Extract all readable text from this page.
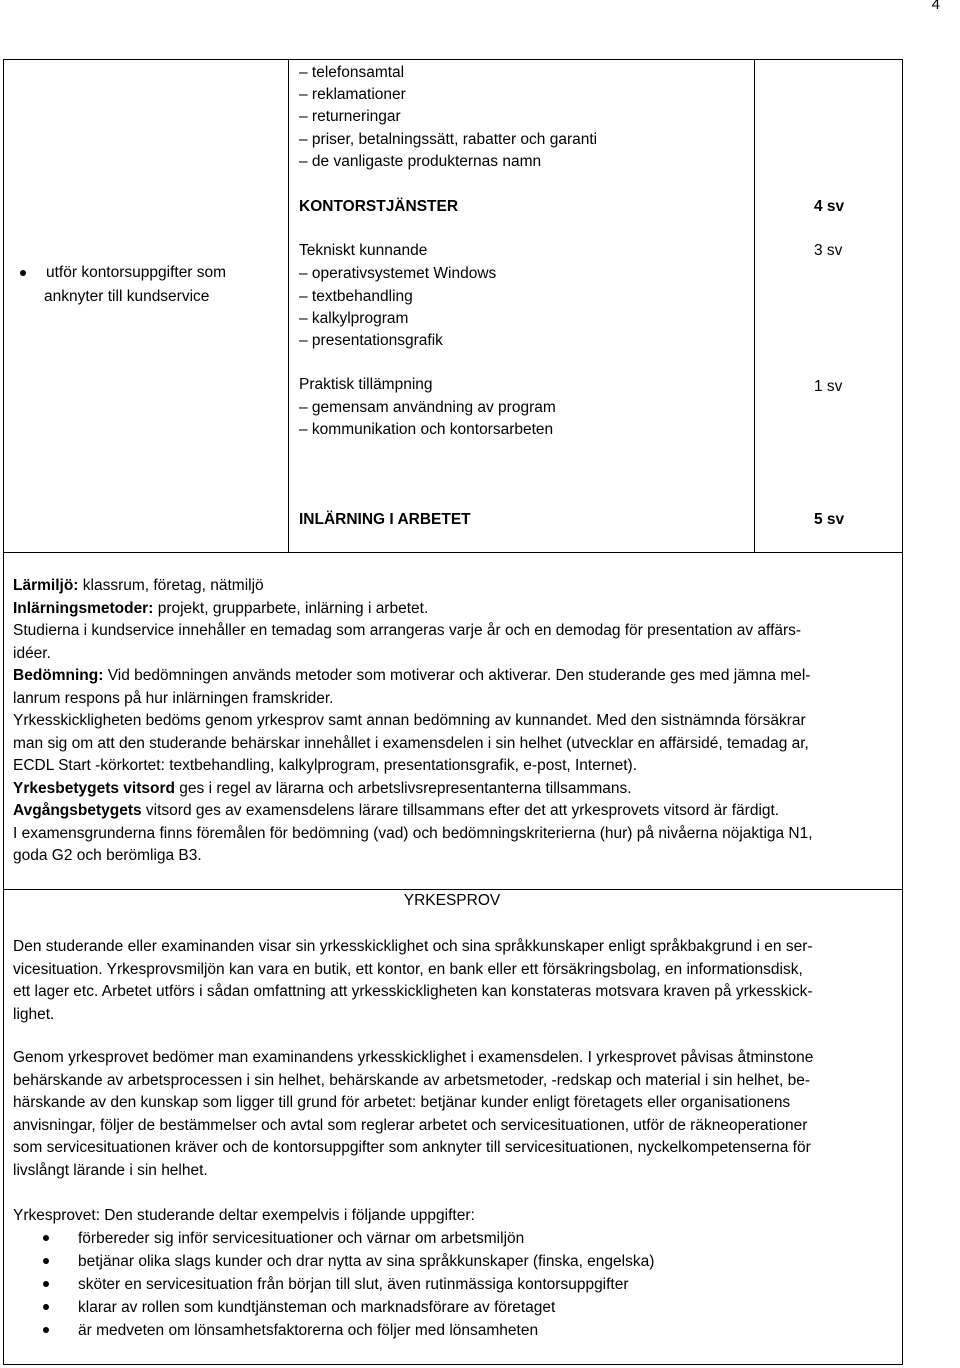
4
utför kontorsuppgifter som
anknyter till kundservice
– telefonsamtal
– reklamationer
– returneringar
– priser, betalningssätt, rabatter och garanti
– de vanligaste produkternas namn
KONTORSTJÄNSTER	4 sv
Tekniskt kunnande	3 sv
– operativsystemet Windows
– textbehandling
– kalkylprogram
– presentationsgrafik
Praktisk tillämpning	1 sv
– gemensam användning av program
– kommunikation och kontorsarbeten
INLÄRNING I ARBETET	5 sv

Lärmiljö: klassrum, företag, nätmiljö

Inlärningsmetoder: projekt, grupparbete, inlärning i arbetet.

Studierna i kundservice innehåller en temadag som arrangeras varje år och en demodag för presentation av affärs-

idéer.

Bedömning: Vid bedömningen används metoder som motiverar och aktiverar. Den studerande ges med jämna mel-

lanrum respons på hur inlärningen framskrider.

Yrkesskickligheten bedöms genom yrkesprov samt annan bedömning av kunnandet. Med den sistnämnda försäkrar

man sig om att den studerande behärskar innehållet i examensdelen i sin helhet (utvecklar en affärsidé, temadag ar,

ECDL Start -körkortet: textbehandling, kalkylprogram, presentationsgrafik, e-post, Internet).

Yrkesbetygets vitsord ges i regel av lärarna och arbetslivsrepresentanterna tillsammans.

Avgångsbetygets vitsord ges av examensdelens lärare tillsammans efter det att yrkesprovets vitsord är färdigt.

I examensgrunderna finns föremålen för bedömning (vad) och bedömningskriterierna (hur) på nivåerna nöjaktiga N1,

goda G2 och berömliga B3.

YRKESPROV

Den studerande eller examinanden visar sin yrkesskicklighet och sina språkkunskaper enligt språkbakgrund i en ser-

vicesituation. Yrkesprovsmiljön kan vara en butik, ett kontor, en bank eller ett försäkringsbolag, en informationsdisk,

ett lager etc. Arbetet utförs i sådan omfattning att yrkesskickligheten kan konstateras motsvara kraven på yrkesskick-

lighet.

Genom yrkesprovet bedömer man examinandens yrkesskicklighet i examensdelen. I yrkesprovet påvisas åtminstone

behärskande av arbetsprocessen i sin helhet, behärskande av arbetsmetoder, -redskap och material i sin helhet, be-

härskande av den kunskap som ligger till grund för arbetet: betjänar kunder enligt företagets eller organisationens

anvisningar, följer de bestämmelser och avtal som reglerar arbetet och servicesituationen, utför de räkneoperationer

som servicesituationen kräver och de kontorsuppgifter som anknyter till servicesituationen, nyckelkompetenserna för

livslångt lärande i sin helhet.

Yrkesprovet: Den studerande deltar exempelvis i följande uppgifter:
förbereder sig inför servicesituationer och värnar om arbetsmiljön
betjänar olika slags kunder och drar nytta av sina språkkunskaper (finska, engelska)
sköter en servicesituation från början till slut, även rutinmässiga kontorsuppgifter
klarar av rollen som kundtjänsteman och marknadsförare av företaget
är medveten om lönsamhetsfaktorerna och följer med lönsamheten
